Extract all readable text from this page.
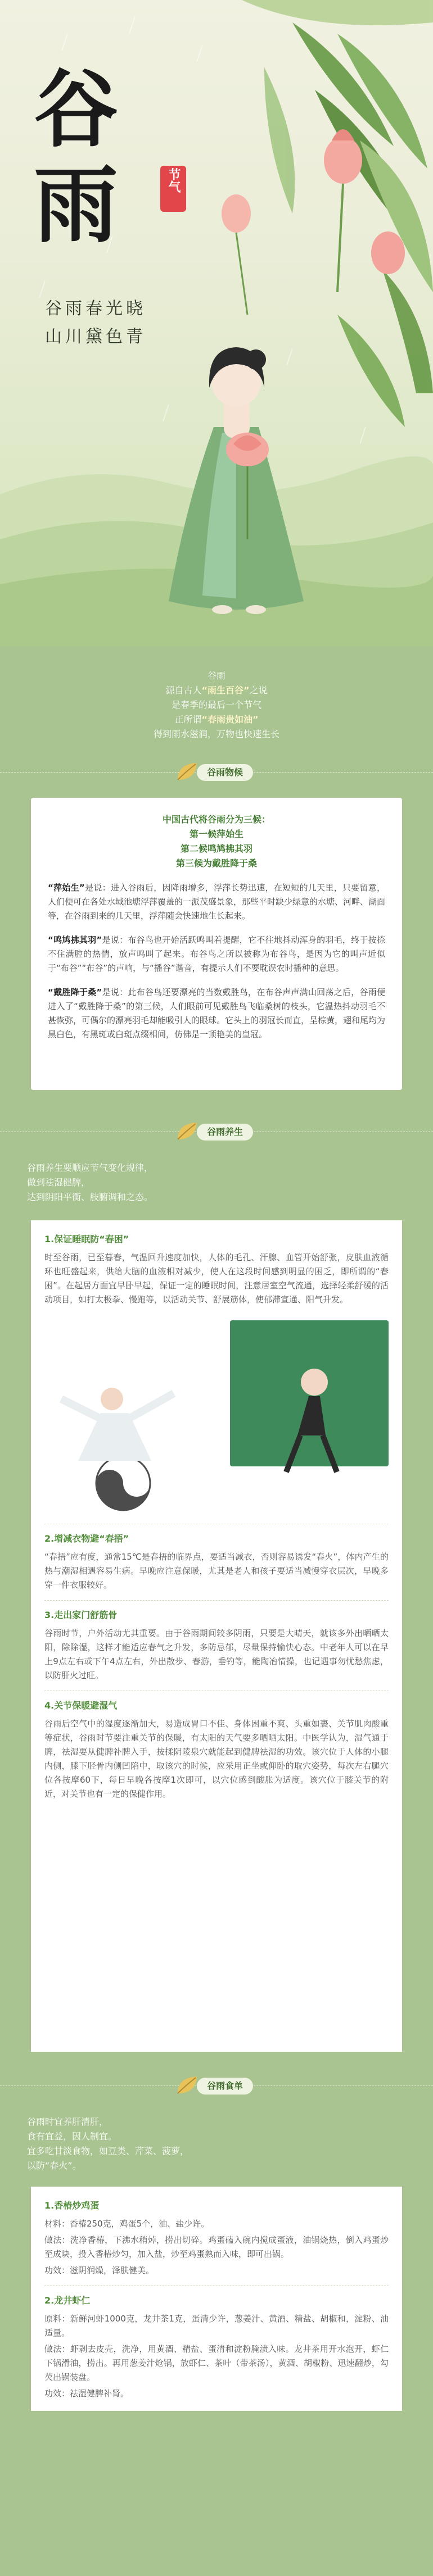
谷
雨	节气
谷雨春光晓
山川黛色青
谷雨
源自古人“雨生百谷”之说
是春季的最后一个节气
正所谓“春雨贵如油”
得到雨水滋润，万物也快速生长
谷雨物候
中国古代将谷雨分为三候：
第一候萍始生
第二候鸣鸠拂其羽
第三候为戴胜降于桑

“萍始生”是说：进入谷雨后，因降雨增多，浮萍长势迅速，在短短的几天里，只要留意，人们便可在各处水域池塘浮萍覆盖的一派茂盛景象，那些平时缺少绿意的水塘、河畔、湖面等，在谷雨到来的几天里，浮萍随会快速地生长起来。

“鸣鸠拂其羽”是说：布谷鸟也开始活跃鸣叫着提醒，它不往地抖动浑身的羽毛，终于按捺不住满腔的热情，放声鸣叫了起来。布谷鸟之所以被称为布谷鸟，是因为它的叫声近似于“布谷”“布谷”的声响，与“播谷”谐音，有提示人们不要耽误农时播种的意思。

“戴胜降于桑”是说：此布谷鸟还要漂亮的当数戴胜鸟，在布谷声声满山回荡之后，谷雨便进入了“戴胜降于桑”的第三候，人们眼前可见戴胜鸟飞临桑树的枝头，它温热抖动羽毛不甚恢弥，可偶尔的漂亮羽毛却能吸引人的眼球。它头上的羽冠长而直，呈棕黄，翅和尾均为黑白色，有黑斑或白斑点缀相间，仿佛是一顶艳美的皇冠。

谷雨养生
谷雨养生要顺应节气变化规律，
做到祛湿健脾，
达到阴阳平衡、肢腑调和之态。
1.保证睡眠防“春困”
时至谷雨，已至暮春，气温回升速度加快，人体的毛孔、汗腺、血管开始舒张，皮肤血液循环也旺盛起来，供给大脑的血液相对减少，使人在这段时间感到明显的困乏，即所谓的“春困”。在起居方面宜早卧早起，保证一定的睡眠时间，注意居室空气流通，选择轻柔舒缓的活动项目，如打太极拳、慢跑等，以活动关节、舒展筋体，使郁滞宣通、阳气升发。
2.增减衣物避“春捂”
“春捂”应有度，通常15℃是春捂的临界点，要适当减衣，否则容易诱发“春火”，体内产生的热与潮湿相遇容易生病。早晚应注意保暖，尤其是老人和孩子要适当减慢穿衣层次，早晚多穿一件衣服较好。
3.走出家门舒筋骨
谷雨时节，户外活动尤其重要。由于谷雨期间较多阴雨，只要是大晴天，就该多外出晒晒太阳，除除湿，这样才能适应春气之升发，多防忌郁，尽量保持愉快心态。中老年人可以在早上9点左右或下午4点左右，外出散步、春游，垂钓等，能陶冶情操，也记遇事勿忧愁焦虑，以防肝火过旺。
4.关节保暖避湿气
谷雨后空气中的湿度逐渐加大，易造成胃口不佳、身体困重不爽、头重如裹、关节肌肉酸重等症状，谷雨时节要注重关节的保暖，有太阳的天气要多晒晒太阳。中医学认为，湿气通于脾，祛湿要从健脾补脾入手，按揉阴陵泉穴就能起到健脾祛湿的功效。该穴位于人体的小腿内侧，膝下胫骨内侧凹陷中，取该穴的时候，应采用正坐或仰卧的取穴姿势，每次左右腿穴位各按摩60下，每日早晚各按摩1次即可，以穴位感到酸胀为适度。该穴位于膝关节的附近，对关节也有一定的保健作用。
谷雨食单
谷雨时宜养肝清肝，
食有宜益，因人制宜。
宜多吃甘淡食物，如豆类、芹菜、菠萝，
以防“春火”。
1.香椿炒鸡蛋
材料：香椿250克，鸡蛋5个，油、盐少许。
做法：洗净香椿，下沸水稍焯，捞出切碎。鸡蛋磕入碗内搅成蛋液，油锅烧热，倒入鸡蛋炒至成块，投入香椿炒匀，加入盐，炒至鸡蛋熟而入味，即可出锅。
功效：滋阴润燥，泽肤健美。
2.龙井虾仁
原料：新鲜河虾1000克，龙井茶1克，蛋清少许，葱姜汁、黄酒、精盐、胡椒和，淀粉、油适量。
做法：虾剥去皮壳，洗净，用黄酒、精盐、蛋清和淀粉腌渍入味。龙井茶用开水泡开，虾仁下锅滑油，捞出。再用葱姜汁炝锅，放虾仁、茶叶（带茶汤），黄酒、胡椒粉、迅速翻炒，勾芡出锅装盘。
功效：祛湿健脾补肾。
